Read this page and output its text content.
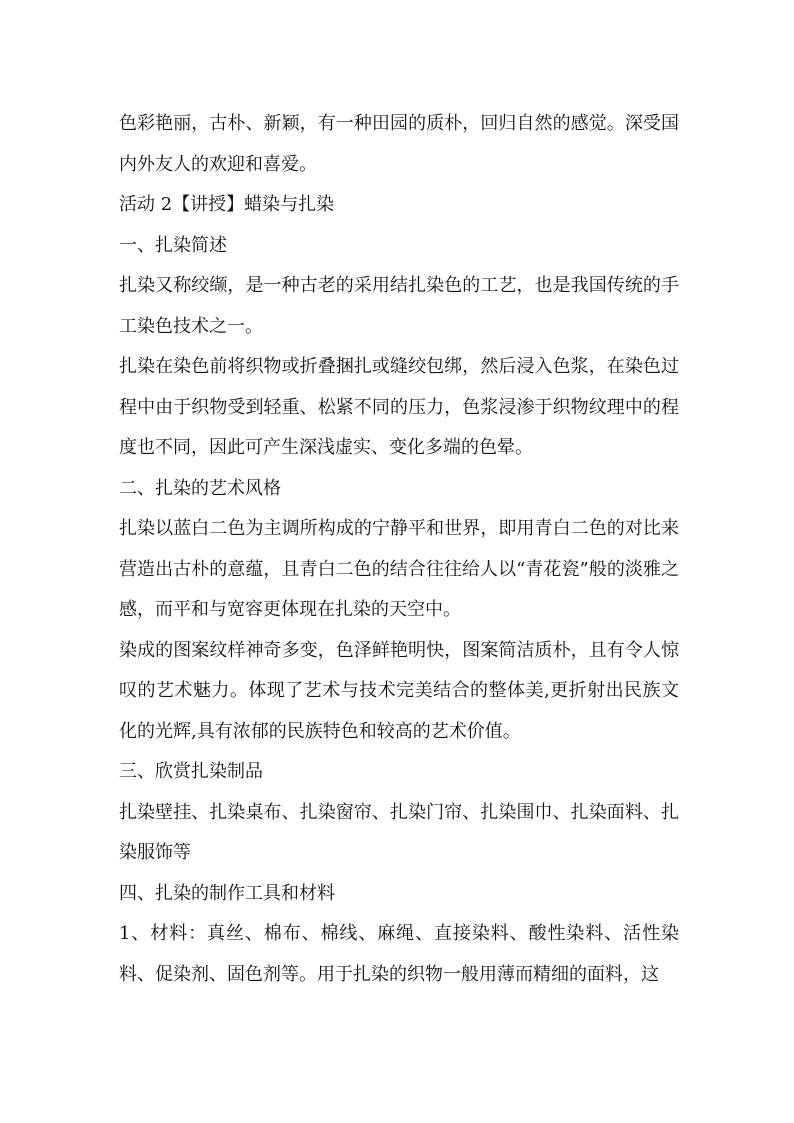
色彩艳丽，古朴、新颖，有一种田园的质朴，回归自然的感觉。深受国内外友人的欢迎和喜爱。

活动 2【讲授】蜡染与扎染

一、扎染简述

扎染又称绞缬，是一种古老的采用结扎染色的工艺，也是我国传统的手工染色技术之一。

扎染在染色前将织物或折叠捆扎或缝绞包绑，然后浸入色浆，在染色过程中由于织物受到轻重、松紧不同的压力，色浆浸渗于织物纹理中的程度也不同，因此可产生深浅虚实、变化多端的色晕。

二、扎染的艺术风格

扎染以蓝白二色为主调所构成的宁静平和世界，即用青白二色的对比来营造出古朴的意蕴，且青白二色的结合往往给人以“青花瓷”般的淡雅之感，而平和与宽容更体现在扎染的天空中。

染成的图案纹样神奇多变，色泽鲜艳明快，图案简洁质朴，且有令人惊叹的艺术魅力。体现了艺术与技术完美结合的整体美,更折射出民族文化的光辉,具有浓郁的民族特色和较高的艺术价值。

三、欣赏扎染制品

扎染壁挂、扎染桌布、扎染窗帘、扎染门帘、扎染围巾、扎染面料、扎染服饰等

四、扎染的制作工具和材料

1、材料：真丝、棉布、棉线、麻绳、直接染料、酸性染料、活性染料、促染剂、固色剂等。用于扎染的织物一般用薄而精细的面料，这
